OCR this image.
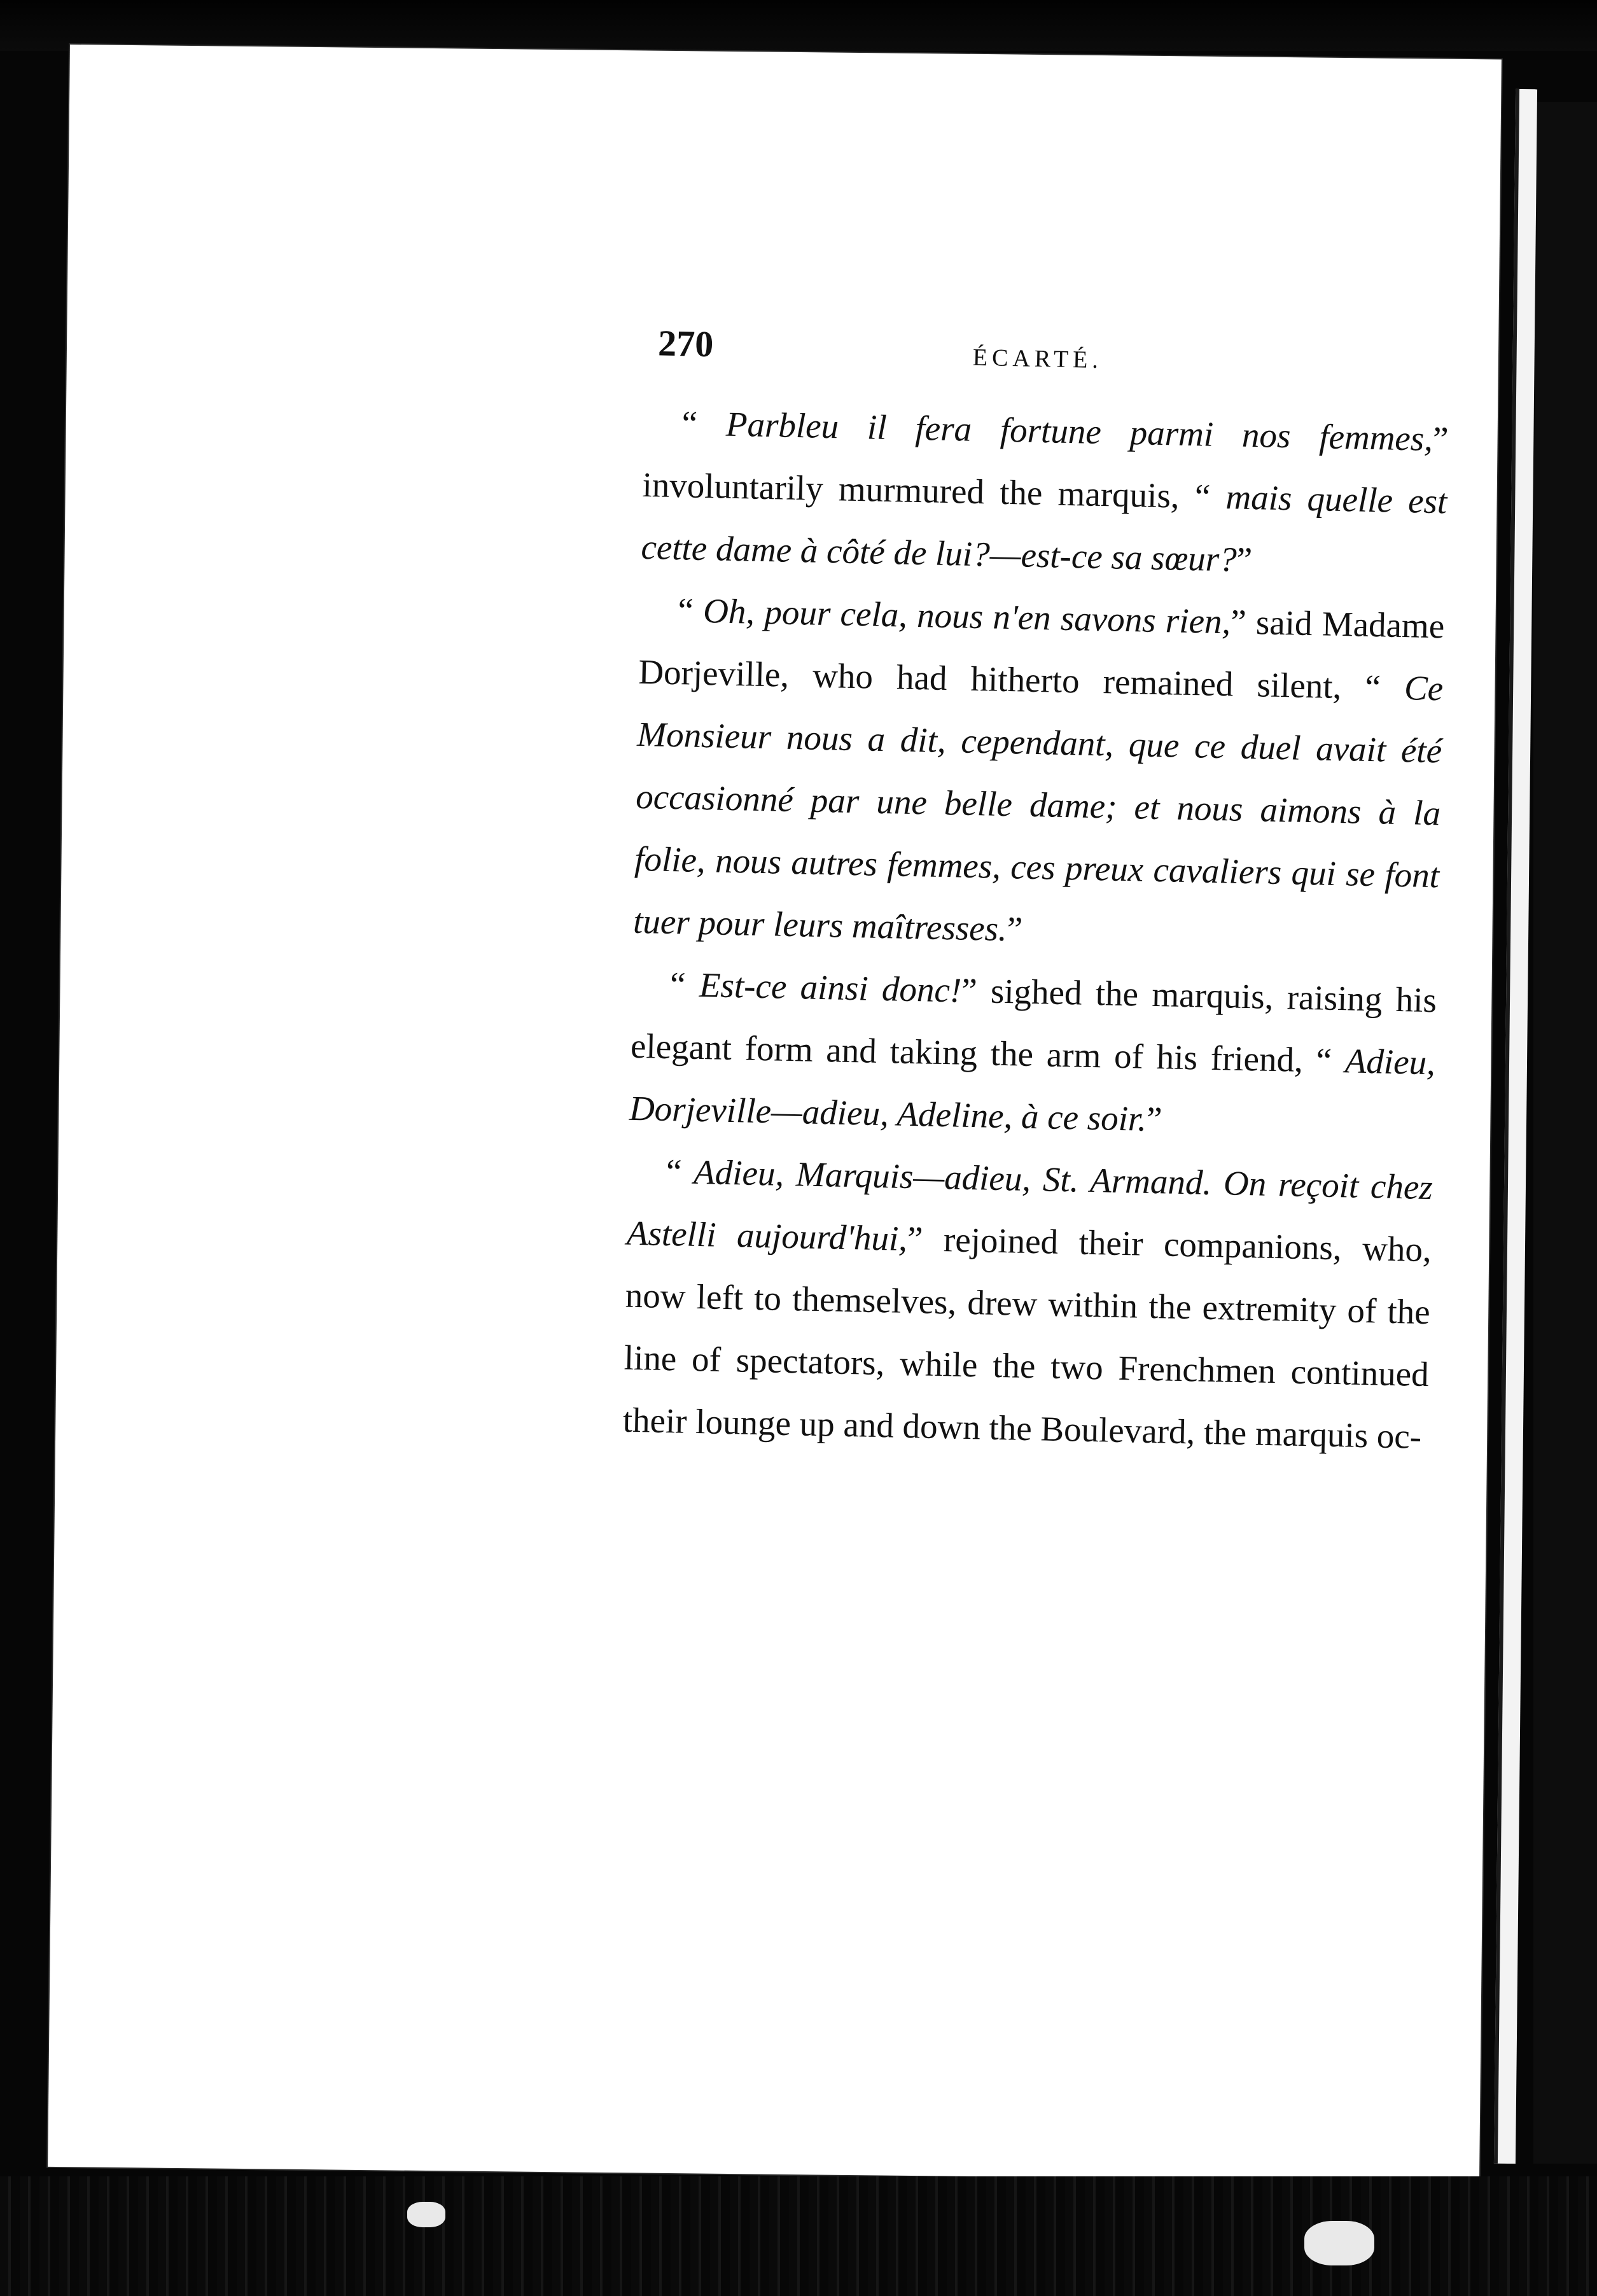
270	ÉCARTÉ.

“ Parbleu il fera fortune parmi nos femmes,” involuntarily murmured the marquis, “ mais quelle est cette dame à côté de lui?—est-ce sa sœur?”

“ Oh, pour cela, nous n'en savons rien,” said Madame Dorjeville, who had hitherto remained silent, “ Ce Monsieur nous a dit, cependant, que ce duel avait été occasionné par une belle dame; et nous aimons à la folie, nous autres femmes, ces preux cavaliers qui se font tuer pour leurs maîtresses.”

“ Est-ce ainsi donc!” sighed the marquis, raising his elegant form and taking the arm of his friend, “ Adieu, Dorjeville—adieu, Adeline, à ce soir.”

“ Adieu, Marquis—adieu, St. Armand. On reçoit chez Astelli aujourd'hui,” rejoined their companions, who, now left to themselves, drew within the extremity of the line of spectators, while the two Frenchmen continued their lounge up and down the Boulevard, the marquis oc-
